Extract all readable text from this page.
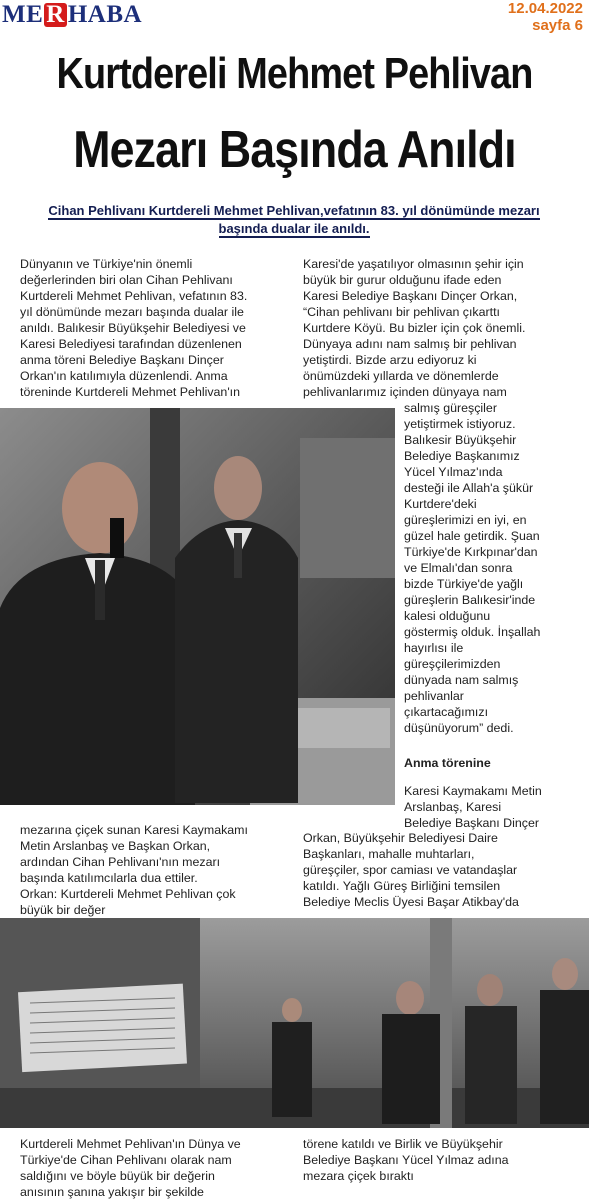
ME R HABA	12.04.2022
sayfa 6
Kurtdereli Mehmet Pehlivan
Mezarı Başında Anıldı
Cihan Pehlivanı Kurtdereli Mehmet Pehlivan,vefatının 83. yıl dönümünde mezarı
başında dualar ile anıldı.
Dünyanın ve Türkiye'nin önemli
değerlerinden biri olan Cihan Pehlivanı
Kurtdereli Mehmet Pehlivan, vefatının 83.
yıl dönümünde mezarı başında dualar ile
anıldı. Balıkesir Büyükşehir Belediyesi ve
Karesi Belediyesi tarafından düzenlenen
anma töreni Belediye Başkanı Dinçer
Orkan'ın katılımıyla düzenlendi. Anma
töreninde Kurtdereli Mehmet Pehlivan'ın
Karesi'de yaşatılıyor olmasının şehir için
büyük bir gurur olduğunu ifade eden
Karesi Belediye Başkanı Dinçer Orkan,
“Cihan pehlivanı bir pehlivan çıkarttı
Kurtdere Köyü. Bu bizler için çok önemli.
Dünyaya adını nam salmış bir pehlivan
yetiştirdi. Bizde arzu ediyoruz ki
önümüzdeki yıllarda ve dönemlerde
pehlivanlarımız içinden dünyaya nam
salmış güreşçiler
yetiştirmek istiyoruz.
Balıkesir Büyükşehir
Belediye Başkanımız
Yücel Yılmaz'ında
desteği ile Allah'a şükür
Kurtdere'deki
güreşlerimizi en iyi, en
güzel hale getirdik. Şuan
Türkiye'de Kırkpınar'dan
ve Elmalı'dan sonra
bizde Türkiye'de yağlı
güreşlerin Balıkesir'inde
kalesi olduğunu
göstermiş olduk. İnşallah
hayırlısı ile
güreşçilerimizden
dünyada nam salmış
pehlivanlar
çıkartacağımızı
düşünüyorum” dedi.
Anma törenine
Karesi Kaymakamı Metin
Arslanbaş, Karesi
Belediye Başkanı Dinçer
mezarına çiçek sunan Karesi Kaymakamı
Metin Arslanbaş ve Başkan Orkan,
ardından Cihan Pehlivanı'nın mezarı
başında katılımcılarla dua ettiler.
Orkan: Kurtdereli Mehmet Pehlivan çok
büyük bir değer
Orkan, Büyükşehir Belediyesi Daire
Başkanları, mahalle muhtarları,
güreşçiler, spor camiası ve vatandaşlar
katıldı. Yağlı Güreş Birliğini temsilen
Belediye Meclis Üyesi Başar Atikbay'da
Kurtdereli Mehmet Pehlivan'ın Dünya ve
Türkiye'de Cihan Pehlivanı olarak nam
saldığını ve böyle büyük bir değerin
anısının şanına yakışır bir şekilde
törene katıldı ve Birlik ve Büyükşehir
Belediye Başkanı Yücel Yılmaz adına
mezara çiçek bıraktı
